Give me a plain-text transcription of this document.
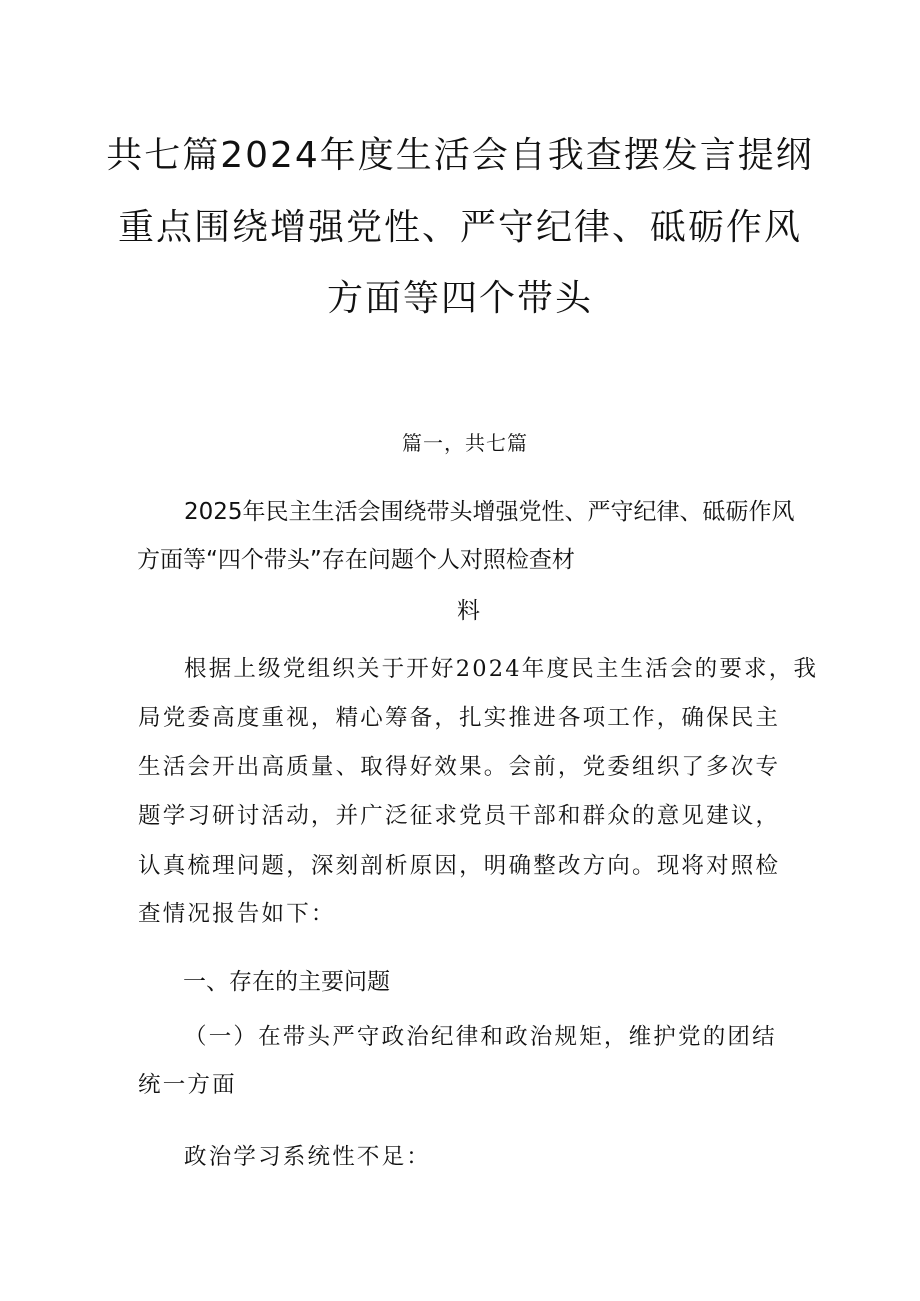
共七篇2024年度生活会自我查摆发言提纲
重点围绕增强党性、严守纪律、砥砺作风
方面等四个带头
篇一，共七篇
2025年民主生活会围绕带头增强党性、严守纪律、砥砺作风
方面等“四个带头”存在问题个人对照检查材
料
根据上级党组织关于开好2024年度民主生活会的要求，我
局党委高度重视，精心筹备，扎实推进各项工作，确保民主
生活会开出高质量、取得好效果。会前，党委组织了多次专
题学习研讨活动，并广泛征求党员干部和群众的意见建议，
认真梳理问题，深刻剖析原因，明确整改方向。现将对照检
查情况报告如下：
一、存在的主要问题
（一）在带头严守政治纪律和政治规矩，维护党的团结
统一方面
政治学习系统性不足：
